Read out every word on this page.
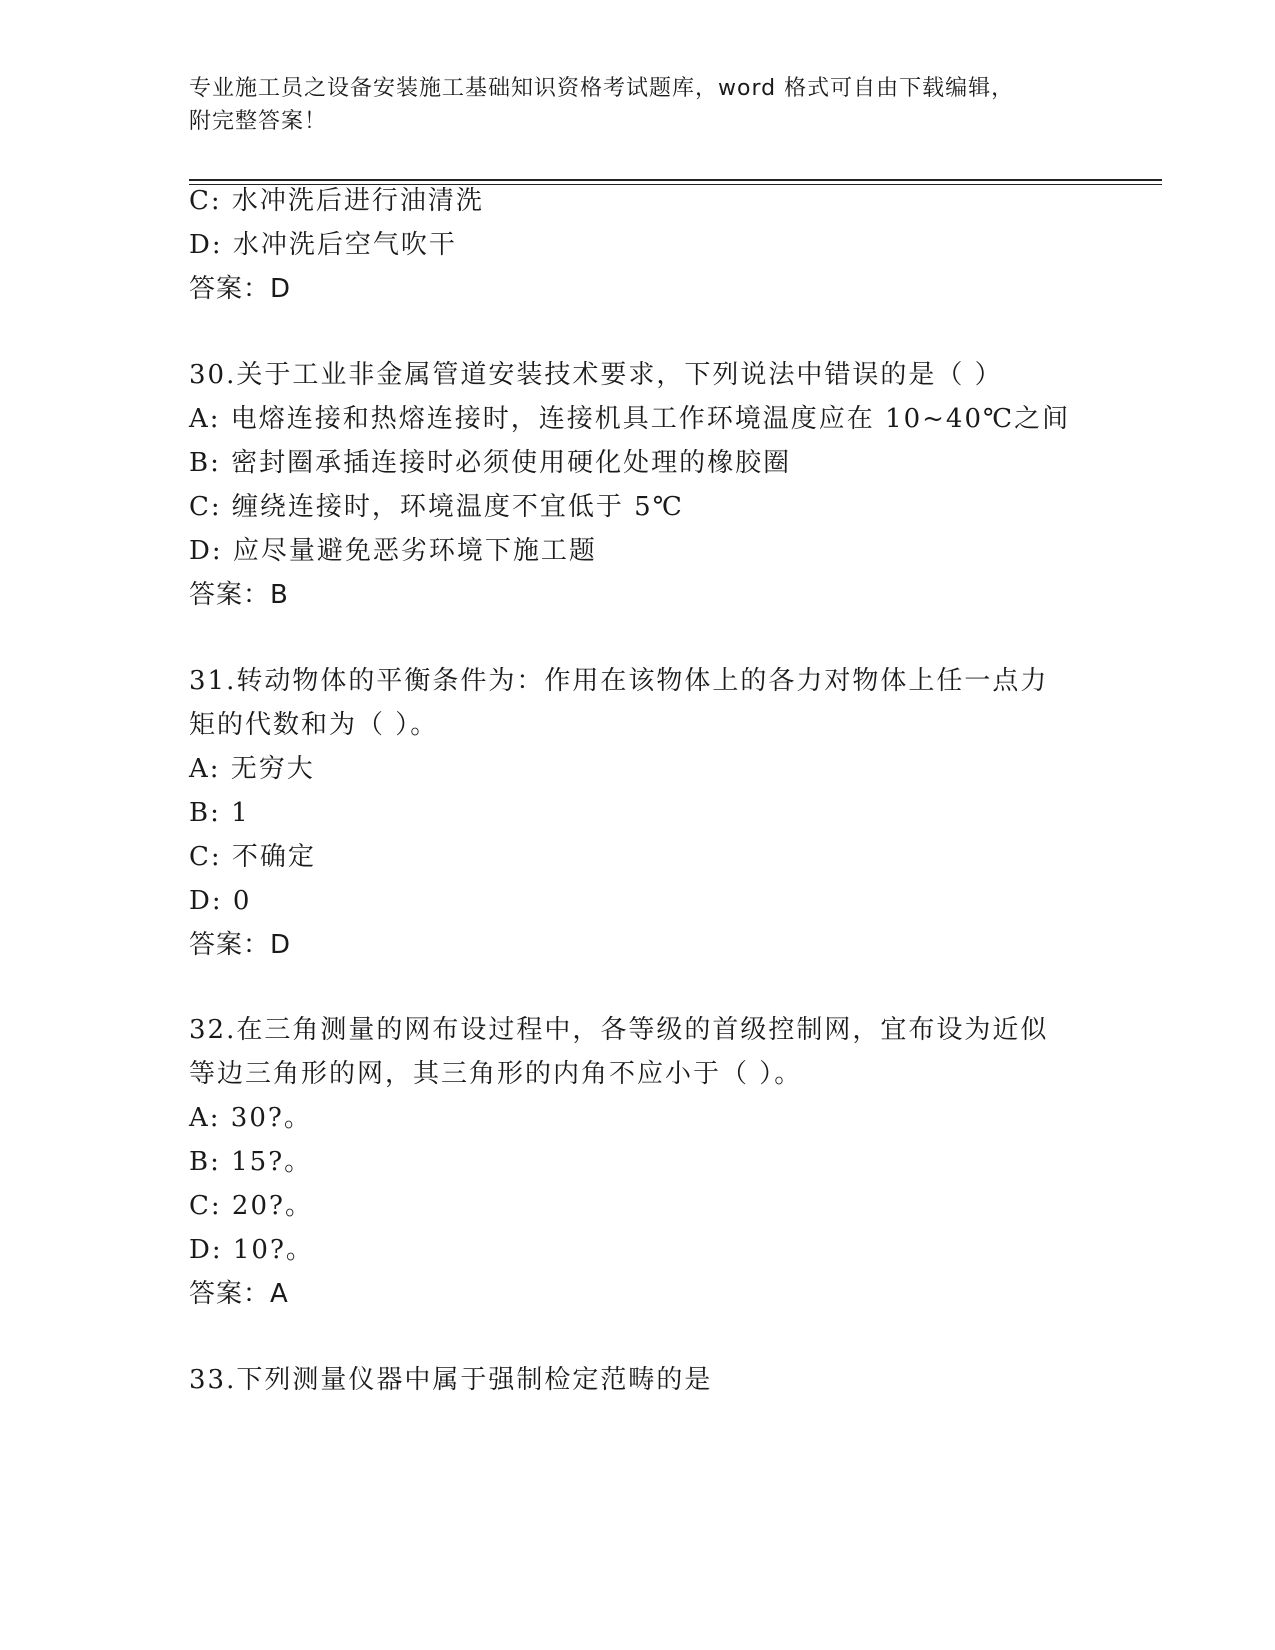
专业施工员之设备安装施工基础知识资格考试题库，word 格式可自由下载编辑，
附完整答案！
C: 水冲洗后进行油清洗
D: 水冲洗后空气吹干
答案：D
30.关于工业非金属管道安装技术要求，下列说法中错误的是（ ）
A: 电熔连接和热熔连接时，连接机具工作环境温度应在 10~40℃之间
B: 密封圈承插连接时必须使用硬化处理的橡胶圈
C: 缠绕连接时，环境温度不宜低于 5℃
D: 应尽量避免恶劣环境下施工题
答案：B
31.转动物体的平衡条件为：作用在该物体上的各力对物体上任一点力
矩的代数和为（ ）。
A: 无穷大
B: 1
C: 不确定
D: 0
答案：D
32.在三角测量的网布设过程中，各等级的首级控制网，宜布设为近似
等边三角形的网，其三角形的内角不应小于（ ）。
A: 30?。
B: 15?。
C: 20?。
D: 10?。
答案：A
33.下列测量仪器中属于强制检定范畴的是
